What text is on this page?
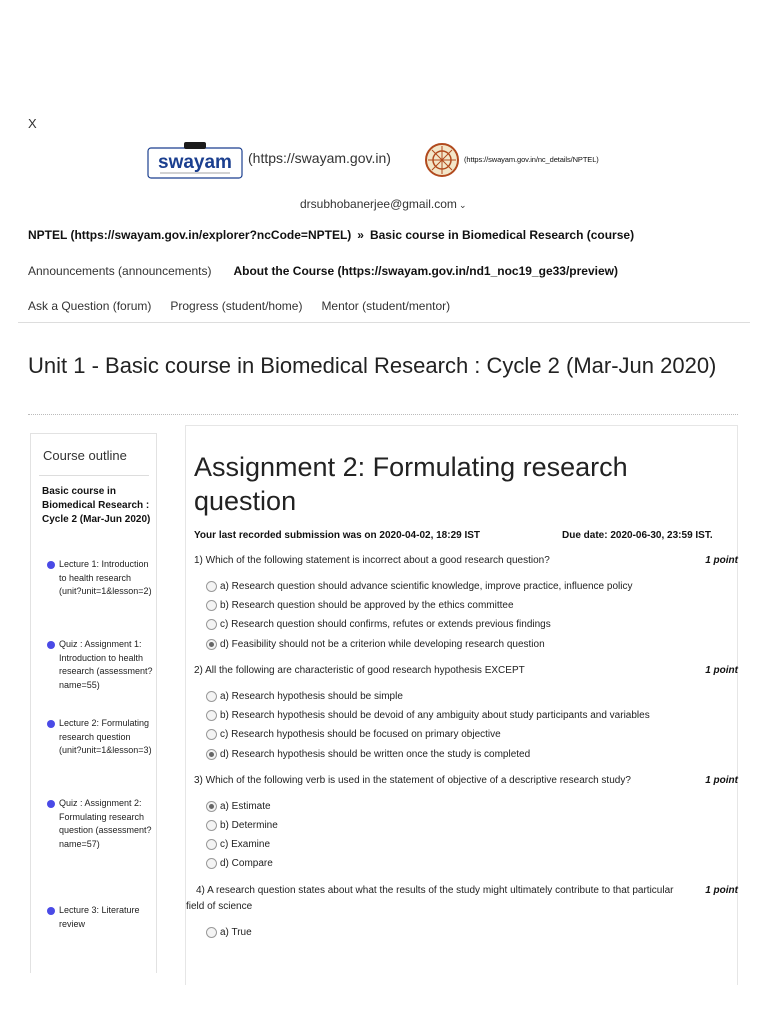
X
swayam (https://swayam.gov.in)	(https://swayam.gov.in/nc_details/NPTEL)
drsubhobanerjee@gmail.com ⌄
NPTEL (https://swayam.gov.in/explorer?ncCode=NPTEL) » Basic course in Biomedical Research (course)
Announcements (announcements) About the Course (https://swayam.gov.in/nd1_noc19_ge33/preview)
Ask a Question (forum) Progress (student/home) Mentor (student/mentor)
Unit 1 - Basic course in Biomedical Research : Cycle 2 (Mar-Jun 2020)
Course outline
Basic course in Biomedical Research : Cycle 2 (Mar-Jun 2020)
Lecture 1: Introduction to health research (unit?unit=1&lesson=2)
Quiz : Assignment 1: Introduction to health research (assessment?name=55)
Lecture 2: Formulating research question (unit?unit=1&lesson=3)
Quiz : Assignment 2: Formulating research question (assessment?name=57)
Lecture 3: Literature review
Assignment 2: Formulating research question
Your last recorded submission was on 2020-04-02, 18:29 IST	Due date: 2020-06-30, 23:59 IST.
1) Which of the following statement is incorrect about a good research question?	1 point
a) Research question should advance scientific knowledge, improve practice, influence policy
b) Research question should be approved by the ethics committee
c) Research question should confirms, refutes or extends previous findings
d) Feasibility should not be a criterion while developing research question
2) All the following are characteristic of good research hypothesis EXCEPT	1 point
a) Research hypothesis should be simple
b) Research hypothesis should be devoid of any ambiguity about study participants and variables
c) Research hypothesis should be focused on primary objective
d) Research hypothesis should be written once the study is completed
3) Which of the following verb is used in the statement of objective of a descriptive research study?	1 point
a) Estimate
b) Determine
c) Examine
d) Compare
4) A research question states about what the results of the study might ultimately contribute to that particular field of science
1 point
a) True
